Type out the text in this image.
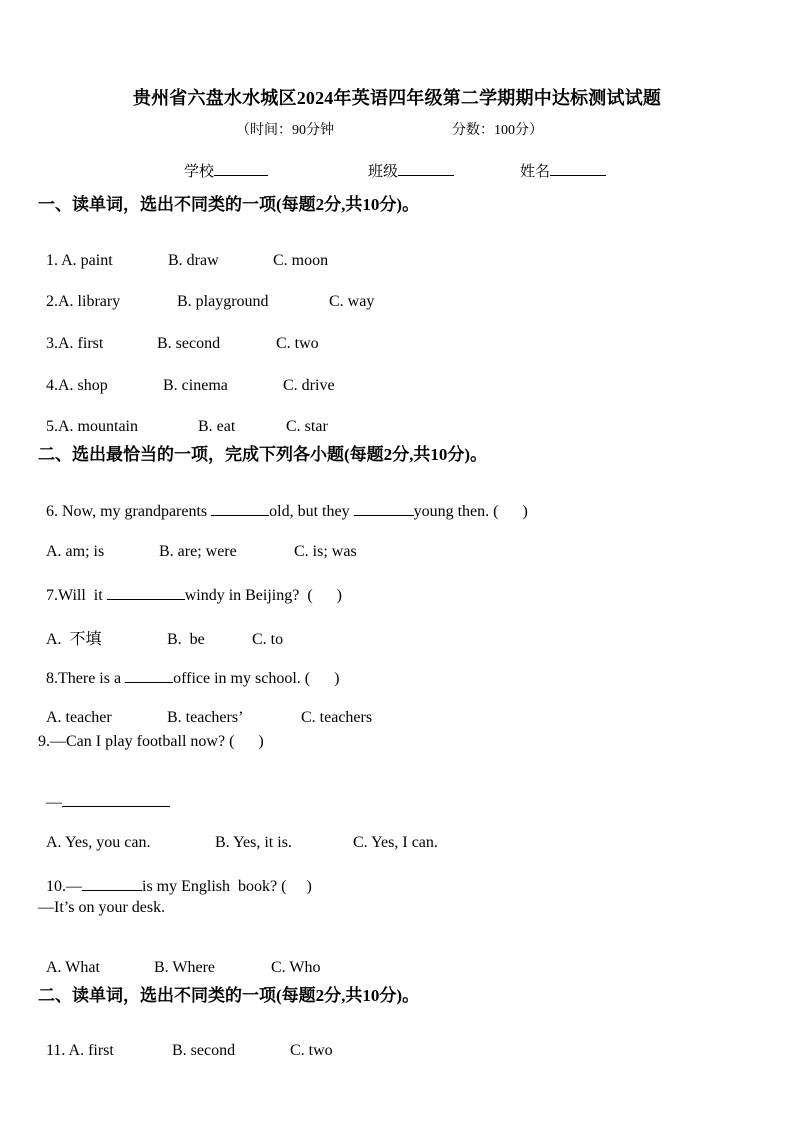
贵州省六盘水水城区2024年英语四年级第二学期期中达标测试试题
（时间：90分钟	分数：100分）
学校	班级	姓名
一、读单词，选出不同类的一项(每题2分,共10分)。

1. A. paint	B. draw	C. moon

2.A. library	B. playground	C. way

3.A. first	B. second	C. two

4.A. shop	B. cinema	C. drive

5.A. mountain	B. eat	C. star

二、选出最恰当的一项，完成下列各小题(每题2分,共10分)。

6. Now, my grandparents	old, but they	young then. (      )

A. am; is	B. are; were	C. is; was

7.Will  it	windy in Beijing?  (      )

A.  不填	B.  be	C. to

8.There is a	office in my school. (      )

A. teacher	B. teachers’	C. teachers

9.—Can I play football now? (      )

—

A. Yes, you can.	B. Yes, it is.	C. Yes, I can.

10.—	is my English  book? (     )

—It’s on your desk.

A. What	B. Where	C. Who

二、读单词，选出不同类的一项(每题2分,共10分)。

11. A. first	B. second	C. two
